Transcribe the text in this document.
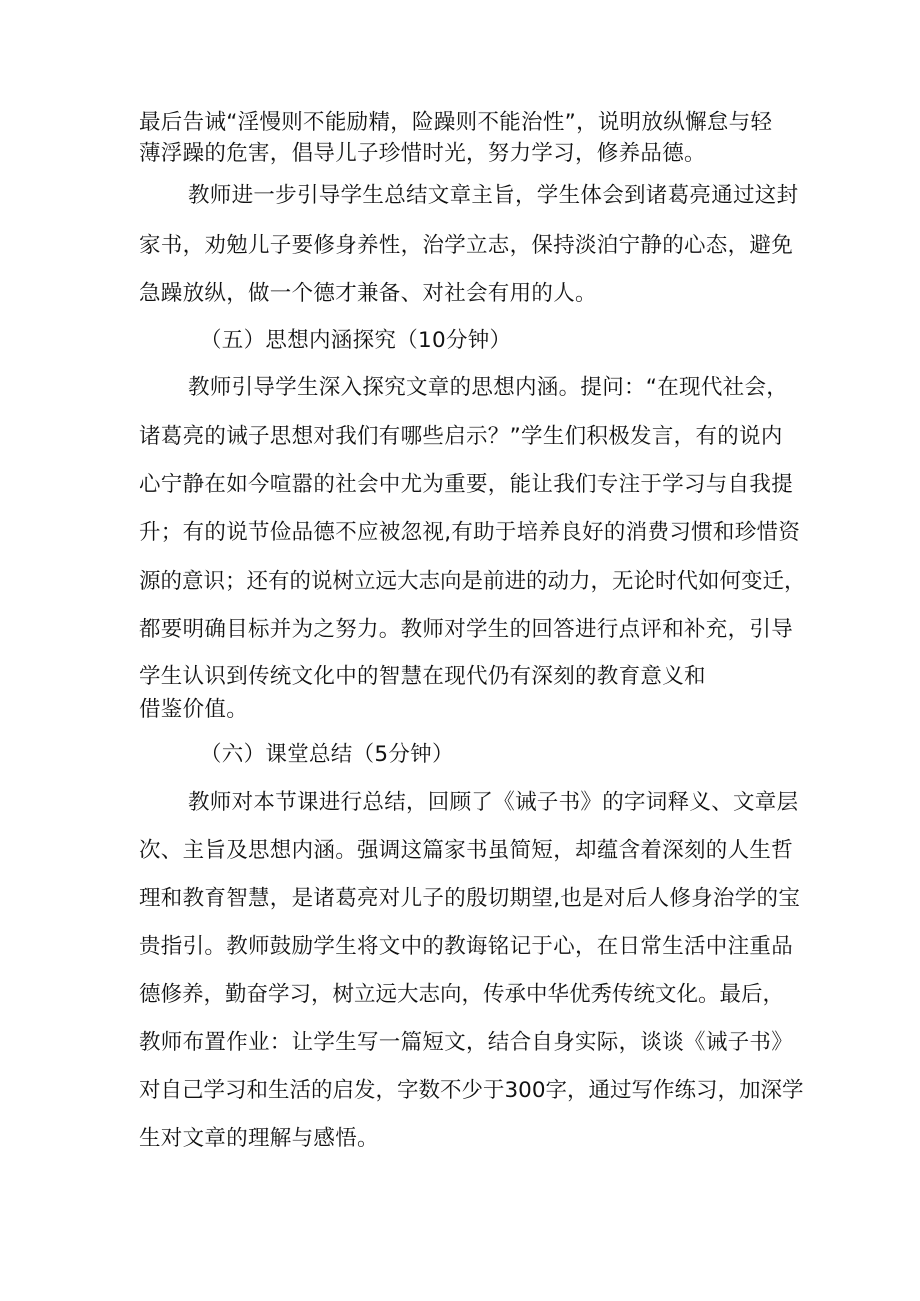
最后告诫“淫慢则不能励精，险躁则不能治性”，说明放纵懈怠与轻
薄浮躁的危害，倡导儿子珍惜时光，努力学习，修养品德。
教师进一步引导学生总结文章主旨，学生体会到诸葛亮通过这封
家书，劝勉儿子要修身养性，治学立志，保持淡泊宁静的心态，避免
急躁放纵，做一个德才兼备、对社会有用的人。
（五）思想内涵探究（10分钟）
教师引导学生深入探究文章的思想内涵。提问：“在现代社会，
诸葛亮的诫子思想对我们有哪些启示？”学生们积极发言，有的说内
心宁静在如今喧嚣的社会中尤为重要，能让我们专注于学习与自我提
升；有的说节俭品德不应被忽视,有助于培养良好的消费习惯和珍惜资
源的意识；还有的说树立远大志向是前进的动力，无论时代如何变迁，
都要明确目标并为之努力。教师对学生的回答进行点评和补充，引导
学生认识到传统文化中的智慧在现代仍有深刻的教育意义和
借鉴价值。
（六）课堂总结（5分钟）
教师对本节课进行总结，回顾了《诫子书》的字词释义、文章层
次、主旨及思想内涵。强调这篇家书虽简短，却蕴含着深刻的人生哲
理和教育智慧，是诸葛亮对儿子的殷切期望,也是对后人修身治学的宝
贵指引。教师鼓励学生将文中的教诲铭记于心，在日常生活中注重品
德修养，勤奋学习，树立远大志向，传承中华优秀传统文化。最后，
教师布置作业：让学生写一篇短文，结合自身实际，谈谈《诫子书》
对自己学习和生活的启发，字数不少于300字，通过写作练习，加深学
生对文章的理解与感悟。
